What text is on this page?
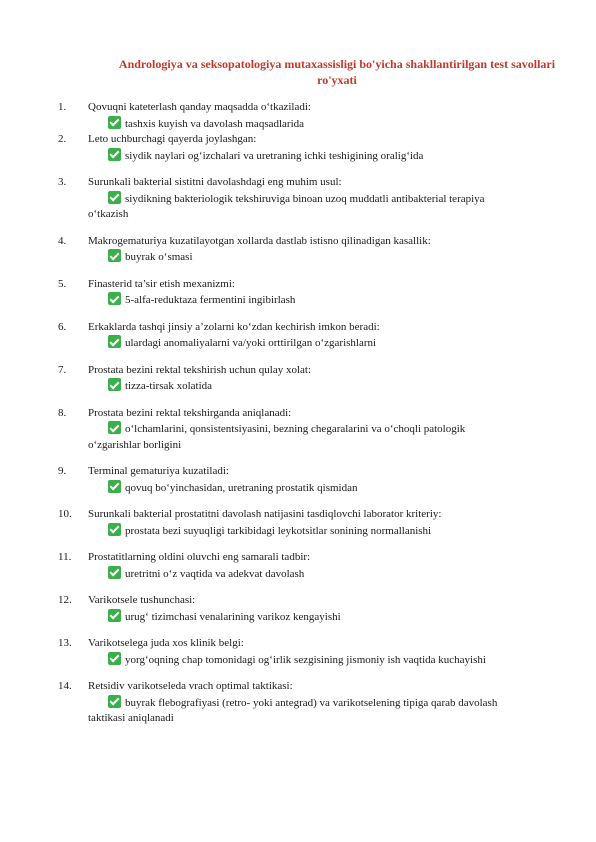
Andrologiya va seksopatologiya mutaxassisligi bo'yicha shakllantirilgan test savollari ro'yxati
1.	Qovuqni kateterlash qanday maqsadda o‘tkaziladi:
tashxis kuyish va davolash maqsadlarida
2.	Leto uchburchagi qayerda joylashgan:
siydik naylari og‘izchalari va uretraning ichki teshigining oralig‘ida
3.	Surunkali bakterial sistitni davolashdagi eng muhim usul:
siydikning bakteriologik tekshiruviga binoan uzoq muddatli antibakterial terapiya
o‘tkazish
4.	Makrogematuriya kuzatilayotgan xollarda dastlab istisno qilinadigan kasallik:
buyrak o‘smasi
5.	Finasterid ta’sir etish mexanizmi:
5-alfa-reduktaza fermentini ingibirlash
6.	Erkaklarda tashqi jinsiy a’zolarni ko‘zdan kechirish imkon beradi:
ulardagi anomaliyalarni va/yoki orttirilgan o‘zgarishlarni
7.	Prostata bezini rektal tekshirish uchun qulay xolat:
tizza-tirsak xolatida
8.	Prostata bezini rektal tekshirganda aniqlanadi:
o‘lchamlarini, qonsistentsiyasini, bezning chegaralarini va o‘choqli patologik
o‘zgarishlar borligini
9.	Terminal gematuriya kuzatiladi:
qovuq bo‘yinchasidan, uretraning prostatik qismidan
10.	Surunkali bakterial prostatitni davolash natijasini tasdiqlovchi laborator kriteriy:
prostata bezi suyuqligi tarkibidagi leykotsitlar sonining normallanishi
11.	Prostatitlarning oldini oluvchi eng samarali tadbir:
uretritni o‘z vaqtida va adekvat davolash
12.	Varikotsele tushunchasi:
urug‘ tizimchasi venalarining varikoz kengayishi
13.	Varikotselega juda xos klinik belgi:
yorg‘oqning chap tomonidagi og‘irlik sezgisining jismoniy ish vaqtida kuchayishi
14.	Retsidiv varikotseleda vrach optimal taktikasi:
buyrak flebografiyasi (retro- yoki antegrad) va varikotselening tipiga qarab davolash
taktikasi aniqlanadi
